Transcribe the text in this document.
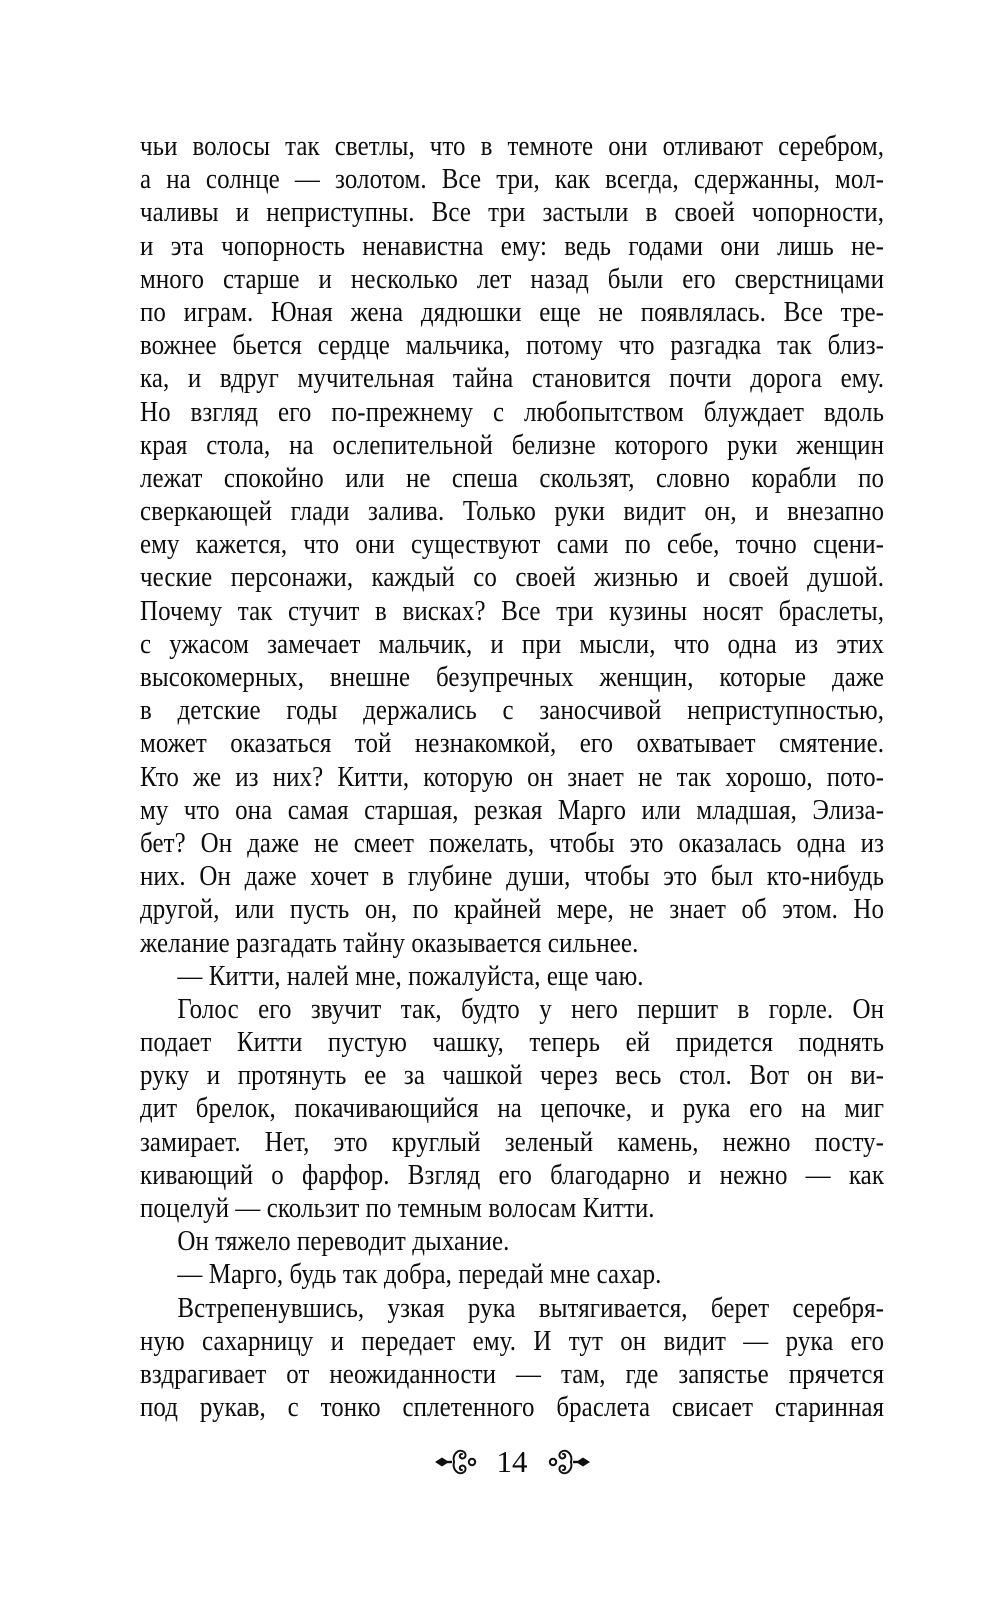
чьи волосы так светлы, что в темноте они отливают серебром,
а на солнце — золотом. Все три, как всегда, сдержанны, мол-
чаливы и неприступны. Все три застыли в своей чопорности,
и эта чопорность ненавистна ему: ведь годами они лишь не-
много старше и несколько лет назад были его сверстницами
по играм. Юная жена дядюшки еще не появлялась. Все тре-
вожнее бьется сердце мальчика, потому что разгадка так близ-
ка, и вдруг мучительная тайна становится почти дорога ему.
Но взгляд его по-прежнему с любопытством блуждает вдоль
края стола, на ослепительной белизне которого руки женщин
лежат спокойно или не спеша скользят, словно корабли по
сверкающей глади залива. Только руки видит он, и внезапно
ему кажется, что они существуют сами по себе, точно сцени-
ческие персонажи, каждый со своей жизнью и своей душой.
Почему так стучит в висках? Все три кузины носят браслеты,
с ужасом замечает мальчик, и при мысли, что одна из этих
высокомерных, внешне безупречных женщин, которые даже
в детские годы держались с заносчивой неприступностью,
может оказаться той незнакомкой, его охватывает смятение.
Кто же из них? Китти, которую он знает не так хорошо, пото-
му что она самая старшая, резкая Марго или младшая, Элиза-
бет? Он даже не смеет пожелать, чтобы это оказалась одна из
них. Он даже хочет в глубине души, чтобы это был кто-нибудь
другой, или пусть он, по крайней мере, не знает об этом. Но
желание разгадать тайну оказывается сильнее.
— Китти, налей мне, пожалуйста, еще чаю.
Голос его звучит так, будто у него першит в горле. Он
подает Китти пустую чашку, теперь ей придется поднять
руку и протянуть ее за чашкой через весь стол. Вот он ви-
дит брелок, покачивающийся на цепочке, и рука его на миг
замирает. Нет, это круглый зеленый камень, нежно посту-
кивающий о фарфор. Взгляд его благодарно и нежно — как
поцелуй — скользит по темным волосам Китти.
Он тяжело переводит дыхание.
— Марго, будь так добра, передай мне сахар.
Встрепенувшись, узкая рука вытягивается, берет серебря-
ную сахарницу и передает ему. И тут он видит — рука его
вздрагивает от неожиданности — там, где запястье прячется
под рукав, с тонко сплетенного браслета свисает старинная
14
